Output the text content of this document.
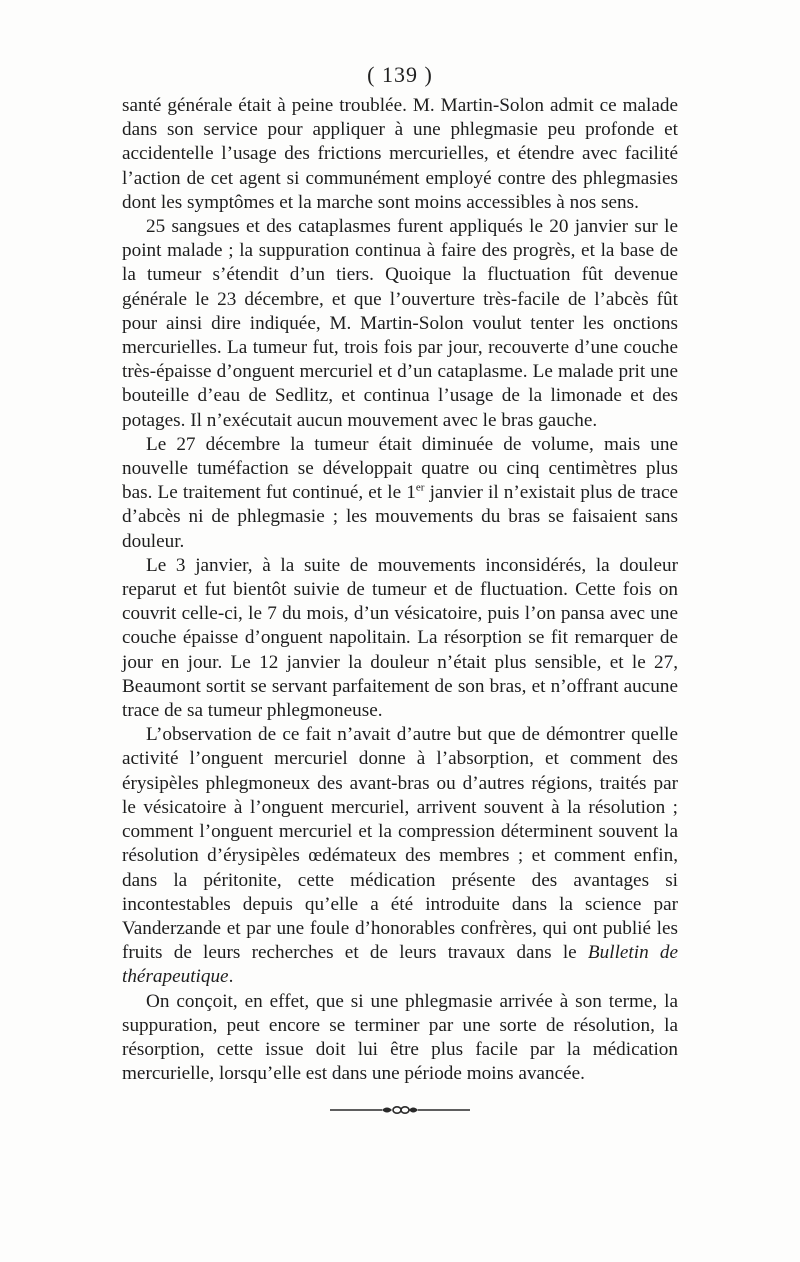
( 139 )

santé générale était à peine troublée. M. Martin-Solon admit ce malade dans son service pour appliquer à une phlegmasie peu profonde et accidentelle l’usage des frictions mercurielles, et étendre avec facilité l’action de cet agent si communément employé contre des phlegmasies dont les symptômes et la marche sont moins accessibles à nos sens.

25 sangsues et des cataplasmes furent appliqués le 20 janvier sur le point malade ; la suppuration continua à faire des progrès, et la base de la tumeur s’étendit d’un tiers. Quoique la fluctuation fût devenue générale le 23 décembre, et que l’ouverture très-facile de l’abcès fût pour ainsi dire indiquée, M. Martin-Solon voulut tenter les onctions mercurielles. La tumeur fut, trois fois par jour, recouverte d’une couche très-épaisse d’onguent mercuriel et d’un cataplasme. Le malade prit une bouteille d’eau de Sedlitz, et continua l’usage de la limonade et des potages. Il n’exécutait aucun mouvement avec le bras gauche.

Le 27 décembre la tumeur était diminuée de volume, mais une nouvelle tuméfaction se développait quatre ou cinq centimètres plus bas. Le traitement fut continué, et le 1er janvier il n’existait plus de trace d’abcès ni de phlegmasie ; les mouvements du bras se faisaient sans douleur.

Le 3 janvier, à la suite de mouvements inconsidérés, la douleur reparut et fut bientôt suivie de tumeur et de fluctuation. Cette fois on couvrit celle-ci, le 7 du mois, d’un vésicatoire, puis l’on pansa avec une couche épaisse d’onguent napolitain. La résorption se fit remarquer de jour en jour. Le 12 janvier la douleur n’était plus sensible, et le 27, Beaumont sortit se servant parfaitement de son bras, et n’offrant aucune trace de sa tumeur phlegmoneuse.

L’observation de ce fait n’avait d’autre but que de démontrer quelle activité l’onguent mercuriel donne à l’absorption, et comment des érysipèles phlegmoneux des avant-bras ou d’autres régions, traités par le vésicatoire à l’onguent mercuriel, arrivent souvent à la résolution ; comment l’onguent mercuriel et la compression déterminent souvent la résolution d’érysipèles œdémateux des membres ; et comment enfin, dans la péritonite, cette médication présente des avantages si incontestables depuis qu’elle a été introduite dans la science par Vanderzande et par une foule d’honorables confrères, qui ont publié les fruits de leurs recherches et de leurs travaux dans le Bulletin de thérapeutique.

On conçoit, en effet, que si une phlegmasie arrivée à son terme, la suppuration, peut encore se terminer par une sorte de résolution, la résorption, cette issue doit lui être plus facile par la médication mercurielle, lorsqu’elle est dans une période moins avancée.
